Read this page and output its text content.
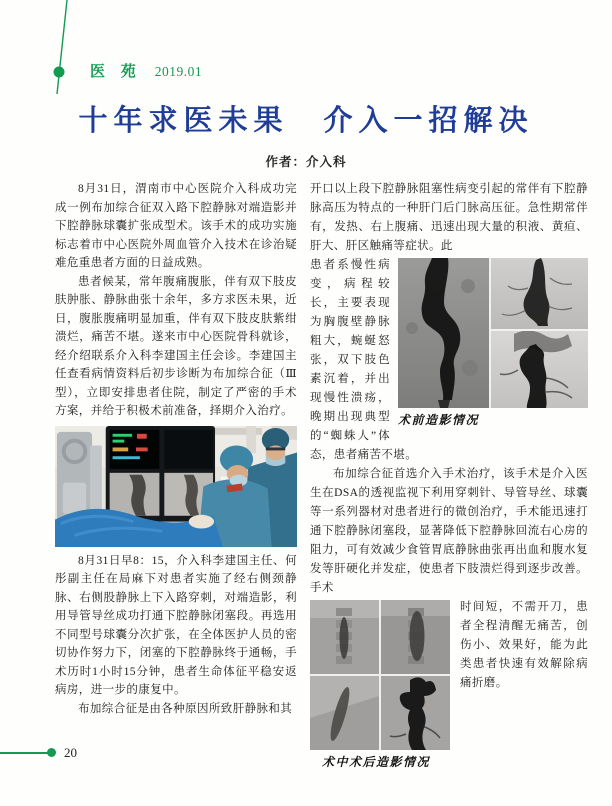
医 苑 2019.01
十年求医未果　介入一招解决
作者：介入科

8月31日，渭南市中心医院介入科成功完成一例布加综合征双入路下腔静脉对端造影并下腔静脉球囊扩张成型术。该手术的成功实施标志着市中心医院外周血管介入技术在诊治疑难危重患者方面的日益成熟。

患者候某，常年腹痛腹胀，伴有双下肢皮肤肿胀、静脉曲张十余年，多方求医未果，近日，腹胀腹痛明显加重，伴有双下肢皮肤紫绀溃烂，痛苦不堪。遂来市中心医院骨科就诊，经介绍联系介入科李建国主任会诊。李建国主任查看病情资料后初步诊断为布加综合征（Ⅲ型），立即安排患者住院，制定了严密的手术方案，并给于积极术前准备，择期介入治疗。

8月31日早8：15，介入科李建国主任、何彤副主任在局麻下对患者实施了经右侧颈静脉、右侧股静脉上下入路穿刺，对端造影，利用导管导丝成功打通下腔静脉闭塞段。再选用不同型号球囊分次扩张，在全体医护人员的密切协作努力下，闭塞的下腔静脉终于通畅，手术历时1小时15分钟，患者生命体征平稳安返病房，进一步的康复中。

布加综合征是由各种原因所致肝静脉和其

开口以上段下腔静脉阻塞性病变引起的常伴有下腔静脉高压为特点的一种肝门后门脉高压征。急性期常伴有，发热、右上腹痛、迅速出现大量的积液、黄疸、肝大、肝区触痛等症状。此

术前造影情况
患者系慢性病变，病程较长，主要表现为胸腹壁静脉粗大，蜿蜒怒张，双下肢色素沉着，并出现慢性溃疡，晚期出现典型的“蜘蛛人”体态，患者痛苦不堪。

布加综合征首选介入手术治疗，该手术是介入医生在DSA的透视监视下利用穿刺针、导管导丝、球囊等一系列器材对患者进行的微创治疗，手术能迅速打通下腔静脉闭塞段，显著降低下腔静脉回流右心房的阻力，可有效减少食管胃底静脉曲张再出血和腹水复发等肝硬化并发症，使患者下肢溃烂得到逐步改善。手术

术中术后造影情况
时间短，不需开刀，患者全程清醒无痛苦，创伤小、效果好，能为此类患者快速有效解除病痛折磨。
20
